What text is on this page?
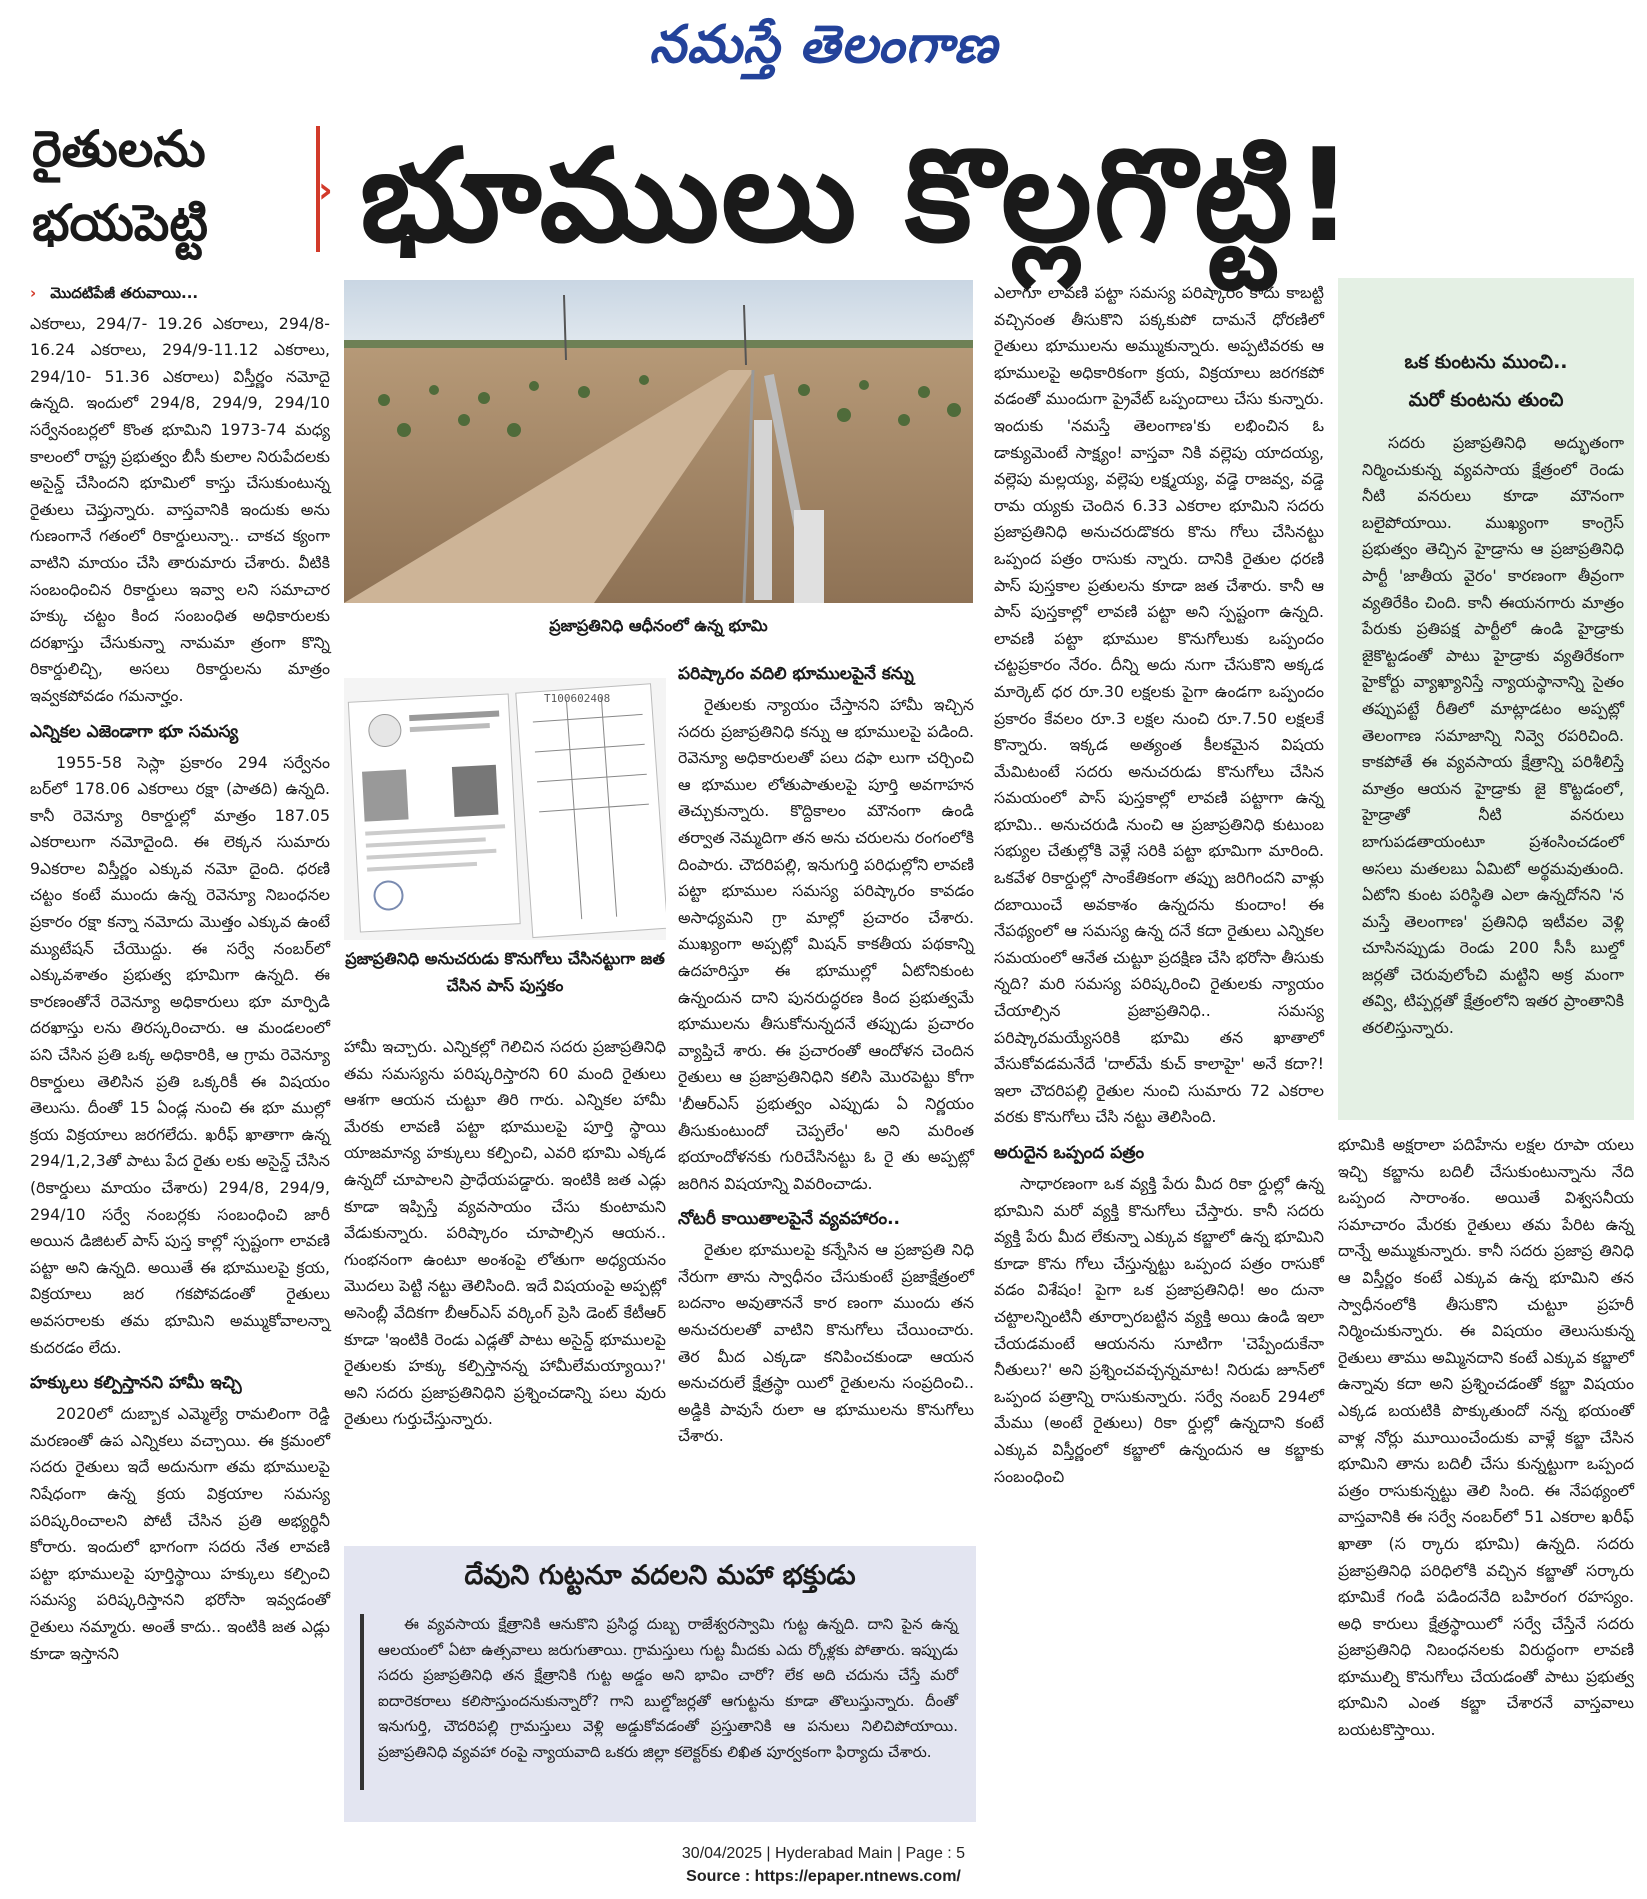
నమస్తే తెలంగాణ
రైతులను భయపెట్టి
› భూములు కొల్లగొట్టి!
› మొదటిపేజీ తరువాయి...

ఎకరాలు, 294/7- 19.26 ఎకరాలు, 294/8-16.24 ఎకరాలు, 294/9-11.12 ఎకరాలు, 294/10- 51.36 ఎకరాలు) విస్తీర్ణం నమోదై ఉన్నది. ఇందులో 294/8, 294/9, 294/10 సర్వేనంబర్లలో కొంత భూమిని 1973-74 మధ్య కాలంలో రాష్ట్ర ప్రభుత్వం బీసీ కులాల నిరుపేదలకు అసైన్డ్ చేసిందని భూమిలో కాస్తు చేసుకుంటున్న రైతులు చెప్తున్నారు. వాస్తవానికి ఇందుకు అను గుణంగానే గతంలో రికార్డులున్నా.. చాకచ క్యంగా వాటిని మాయం చేసి తారుమారు చేశారు. వీటికి సంబంధించిన రికార్డులు ఇవ్వా లని సమాచార హక్కు చట్టం కింద సంబంధిత అధికారులకు దరఖాస్తు చేసుకున్నా నామమా త్రంగా కొన్ని రికార్డులిచ్చి, అసలు రికార్డులను మాత్రం ఇవ్వకపోవడం గమనార్హం.

ఎన్నికల ఎజెండాగా భూ సమస్య

1955-58 సెస్లా ప్రకారం 294 సర్వేనం బర్‌లో 178.06 ఎకరాలు రక్షా (పాతది) ఉన్నది. కానీ రెవెన్యూ రికార్డుల్లో మాత్రం 187.05 ఎకరాలుగా నమోదైంది. ఈ లెక్కన సుమారు 9ఎకరాల విస్తీర్ణం ఎక్కువ నమో దైంది. ధరణి చట్టం కంటే ముందు ఉన్న రెవెన్యూ నిబంధనల ప్రకారం రక్షా కన్నా నమోదు మొత్తం ఎక్కువ ఉంటే మ్యుటేషన్ చేయొద్దు. ఈ సర్వే నంబర్‌లో ఎక్కువశాతం ప్రభుత్వ భూమిగా ఉన్నది. ఈ కారణంతోనే రెవెన్యూ అధికారులు భూ మార్పిడి దరఖాస్తు లను తిరస్కరించారు. ఆ మండలంలో పని చేసిన ప్రతి ఒక్క అధికారికి, ఆ గ్రామ రెవెన్యూ రికార్డులు తెలిసిన ప్రతి ఒక్కరికీ ఈ విషయం తెలుసు. దీంతో 15 ఏండ్ల నుంచి ఈ భూ ముల్లో క్రయ విక్రయాలు జరగలేదు. ఖరీఫ్ ఖాతాగా ఉన్న 294/1,2,3తో పాటు పేద రైతు లకు అసైన్డ్ చేసిన (రికార్డులు మాయం చేశారు) 294/8, 294/9, 294/10 సర్వే నంబర్లకు సంబంధించి జారీ అయిన డిజిటల్ పాస్ పుస్త కాల్లో స్పష్టంగా లావణి పట్టా అని ఉన్నది. అయితే ఈ భూములపై క్రయ, విక్రయాలు జర గకపోవడంతో రైతులు అవసరాలకు తమ భూమిని అమ్ముకోవాలన్నా కుదరడం లేదు.

హక్కులు కల్పిస్తానని హామీ ఇచ్చి

2020లో దుబ్బాక ఎమ్మెల్యే రామలింగా రెడ్డి మరణంతో ఉప ఎన్నికలు వచ్చాయి. ఈ క్రమంలో సదరు రైతులు ఇదే అదునుగా తమ భూములపై నిషేధంగా ఉన్న క్రయ విక్రయాల సమస్య పరిష్కరించాలని పోటీ చేసిన ప్రతి అభ్యర్థినీ కోరారు. ఇందులో భాగంగా సదరు నేత లావణి పట్టా భూములపై పూర్తిస్థాయి హక్కులు కల్పించి సమస్య పరిష్కరిస్తానని భరోసా ఇవ్వడంతో రైతులు నమ్మారు. అంతే కాదు.. ఇంటికి జత ఎడ్లు కూడా ఇస్తానని

ప్రజాప్రతినిధి ఆధీనంలో ఉన్న భూమి
T100602408
ప్రజాప్రతినిధి అనుచరుడు కొనుగోలు చేసినట్టుగా జత చేసిన పాస్ పుస్తకం

హామీ ఇచ్చారు. ఎన్నికల్లో గెలిచిన సదరు ప్రజాప్రతినిధి తమ సమస్యను పరిష్కరిస్తారని 60 మంది రైతులు ఆశగా ఆయన చుట్టూ తిరి గారు. ఎన్నికల హామీ మేరకు లావణి పట్టా భూములపై పూర్తి స్థాయి యాజమాన్య హక్కులు కల్పించి, ఎవరి భూమి ఎక్కడ ఉన్నదో చూపాలని ప్రాధేయపడ్డారు. ఇంటికి జత ఎడ్లు కూడా ఇప్పిస్తే వ్యవసాయం చేసు కుంటామని వేడుకున్నారు. పరిష్కారం చూపాల్సిన ఆయన.. గుంభనంగా ఉంటూ అంశంపై లోతుగా అధ్యయనం మొదలు పెట్టి నట్టు తెలిసింది. ఇదే విషయంపై అప్పట్లో అసెంబ్లీ వేదికగా బీఆర్‌ఎస్ వర్కింగ్ ప్రెసి డెంట్ కేటీఆర్ కూడా 'ఇంటికి రెండు ఎడ్లతో పాటు అసైన్డ్ భూములపై రైతులకు హక్కు కల్పిస్తానన్న హామీలేమయ్యాయి?' అని సదరు ప్రజాప్రతినిధిని ప్రశ్నించడాన్ని పలు వురు రైతులు గుర్తుచేస్తున్నారు.

పరిష్కారం వదిలి భూములపైనే కన్ను

రైతులకు న్యాయం చేస్తానని హామీ ఇచ్చిన సదరు ప్రజాప్రతినిధి కన్ను ఆ భూములపై పడింది. రెవెన్యూ అధికారులతో పలు దఫా లుగా చర్చించి ఆ భూముల లోతుపాతులపై పూర్తి అవగాహన తెచ్చుకున్నారు. కొద్దికాలం మౌనంగా ఉండి తర్వాత నెమ్మదిగా తన అను చరులను రంగంలోకి దింపారు. చౌదరిపల్లి, ఇనుగుర్తి పరిధుల్లోని లావణి పట్టా భూముల సమస్య పరిష్కారం కావడం అసాధ్యమని గ్రా మాల్లో ప్రచారం చేశారు. ముఖ్యంగా అప్పట్లో మిషన్ కాకతీయ పథకాన్ని ఉదహరిస్తూ ఈ భూముల్లో ఏటోనికుంట ఉన్నందున దాని పునరుద్ధరణ కింద ప్రభుత్వమే భూములను తీసుకోనున్నదనే తప్పుడు ప్రచారం వ్యాప్తిచే శారు. ఈ ప్రచారంతో ఆందోళన చెందిన రైతులు ఆ ప్రజాప్రతినిధిని కలిసి మొరపెట్టు కోగా 'బీఆర్‌ఎస్ ప్రభుత్వం ఎప్పుడు ఏ నిర్ణయం తీసుకుంటుందో చెప్పలేం' అని మరింత భయాందోళనకు గురిచేసినట్టు ఓ రై తు అప్పట్లో జరిగిన విషయాన్ని వివరించాడు.

నోటరీ కాయితాలపైనే వ్యవహారం..

రైతుల భూములపై కన్నేసిన ఆ ప్రజాప్రతి నిధి నేరుగా తాను స్వాధీనం చేసుకుంటే ప్రజాక్షేత్రంలో బదనాం అవుతాననే కార ణంగా ముందు తన అనుచరులతో వాటిని కొనుగోలు చేయించారు. తెర మీద ఎక్కడా కనిపించకుండా ఆయన అనుచరులే క్షేత్రస్థా యిలో రైతులను సంప్రదించి.. అడ్డికి పావుసే రులా ఆ భూములను కొనుగోలు చేశారు.

ఎలాగూ లావణి పట్టా సమస్య పరిష్కారం కాదు కాబట్టి వచ్చినంత తీసుకొని పక్కకుపో దామనే ధోరణిలో రైతులు భూములను అమ్ముకున్నారు. అప్పటివరకు ఆ భూములపై అధికారికంగా క్రయ, విక్రయాలు జరగకపో వడంతో ముందుగా ప్రైవేట్ ఒప్పందాలు చేసు కున్నారు. ఇందుకు 'నమస్తే తెలంగాణ'కు లభించిన ఓ డాక్యుమెంటే సాక్ష్యం! వాస్తవా నికి వల్లెపు యాదయ్య, వల్లెపు మల్లయ్య, వల్లెపు లక్ష్మయ్య, వడ్డె రాజవ్వ, వడ్డె రామ య్యకు చెందిన 6.33 ఎకరాల భూమిని సదరు ప్రజాప్రతినిధి అనుచరుడొకరు కొను గోలు చేసినట్టు ఒప్పంద పత్రం రాసుకు న్నారు. దానికి రైతుల ధరణి పాస్ పుస్తకాల ప్రతులను కూడా జత చేశారు. కానీ ఆ పాస్ పుస్తకాల్లో లావణి పట్టా అని స్పష్టంగా ఉన్నది. లావణి పట్టా భూముల కొనుగోలుకు ఒప్పందం చట్టప్రకారం నేరం. దీన్ని అదు నుగా చేసుకొని అక్కడ మార్కెట్ ధర రూ.30 లక్షలకు పైగా ఉండగా ఒప్పందం ప్రకారం కేవలం రూ.3 లక్షల నుంచి రూ.7.50 లక్షలకే కొన్నారు. ఇక్కడ అత్యంత కీలకమైన విషయ మేమిటంటే సదరు అనుచరుడు కొనుగోలు చేసిన సమయంలో పాస్ పుస్తకాల్లో లావణి పట్టాగా ఉన్న భూమి.. అనుచరుడి నుంచి ఆ ప్రజాప్రతినిధి కుటుంబ సభ్యుల చేతుల్లోకి వెళ్లే సరికి పట్టా భూమిగా మారింది. ఒకవేళ రికార్డుల్లో సాంకేతికంగా తప్పు జరిగిందని వాళ్లు దబాయించే అవకాశం ఉన్నదను కుందాం! ఈ నేపథ్యంలో ఆ సమస్య ఉన్న దనే కదా రైతులు ఎన్నికల సమయంలో ఆనేత చుట్టూ ప్రదక్షిణ చేసి భరోసా తీసుకు న్నది? మరి సమస్య పరిష్కరించి రైతులకు న్యాయం చేయాల్సిన ప్రజాప్రతినిధి.. సమస్య పరిష్కారమయ్యేసరికి భూమి తన ఖాతాలో వేసుకోవడమనేదే 'దాల్‌మే కుచ్ కాలాహై' అనే కదా?! ఇలా చౌదరిపల్లి రైతుల నుంచి సుమారు 72 ఎకరాల వరకు కొనుగోలు చేసి నట్టు తెలిసింది.

అరుదైన ఒప్పంద పత్రం

సాధారణంగా ఒక వ్యక్తి పేరు మీద రికా ర్డుల్లో ఉన్న భూమిని మరో వ్యక్తి కొనుగోలు చేస్తారు. కానీ సదరు వ్యక్తి పేరు మీద లేకున్నా ఎక్కువ కబ్జాలో ఉన్న భూమిని కూడా కొను గోలు చేస్తున్నట్టు ఒప్పంద పత్రం రాసుకో వడం విశేషం! పైగా ఒక ప్రజాప్రతినిధి! అం దునా చట్టాలన్నింటినీ తూర్పారబట్టిన వ్యక్తి అయి ఉండి ఇలా చేయడమంటే ఆయనను సూటిగా 'చెప్పేందుకేనా నీతులు?' అని ప్రశ్నించవచ్చన్నమాట! నిరుడు జూన్‌లో ఒప్పంద పత్రాన్ని రాసుకున్నారు. సర్వే నంబర్ 294లో మేము (అంటే రైతులు) రికా ర్డుల్లో ఉన్నదాని కంటే ఎక్కువ విస్తీర్ణంలో కబ్జాలో ఉన్నందున ఆ కబ్జాకు సంబంధించి

ఒక కుంటను ముంచి..
మరో కుంటను తుంచి

సదరు ప్రజాప్రతినిధి అద్భుతంగా నిర్మించుకున్న వ్యవసాయ క్షేత్రంలో రెండు నీటి వనరులు కూడా మౌనంగా బలైపోయాయి. ముఖ్యంగా కాంగ్రెస్ ప్రభుత్వం తెచ్చిన హైడ్రాను ఆ ప్రజాప్రతినిధి పార్టీ 'జాతీయ వైరం' కారణంగా తీవ్రంగా వ్యతిరేకిం చింది. కానీ ఈయనగారు మాత్రం పేరుకు ప్రతిపక్ష పార్టీలో ఉండి హైడ్రాకు జైకొట్టడంతో పాటు హైడ్రాకు వ్యతిరేకంగా హైకోర్టు వ్యాఖ్యానిస్తే న్యాయస్థానాన్ని సైతం తప్పుపట్టే రీతిలో మాట్లాడటం అప్పట్లో తెలంగాణ సమాజాన్ని నివ్వె రపరిచింది. కాకపోతే ఈ వ్యవసాయ క్షేత్రాన్ని పరిశీలిస్తే మాత్రం ఆయన హైడ్రాకు జై కొట్టడంలో, హైడ్రాతో నీటి వనరులు బాగుపడతాయంటూ ప్రశంసించడంలో అసలు మతలబు ఏమిటో అర్థమవుతుంది. ఏటోని కుంట పరిస్థితి ఎలా ఉన్నదోనని 'న మస్తే తెలంగాణ' ప్రతినిధి ఇటీవల వెళ్లి చూసినప్పుడు రెండు 200 సీసీ బుల్డో జర్లతో చెరువులోంచి మట్టిని అక్ర మంగా తవ్వి, టిప్పర్లతో క్షేత్రంలోని ఇతర ప్రాంతానికి తరలిస్తున్నారు.

భూమికి అక్షరాలా పదిహేను లక్షల రూపా యలు ఇచ్చి కబ్జాను బదిలీ చేసుకుంటున్నాను నేది ఒప్పంద సారాంశం. అయితే విశ్వసనీయ సమాచారం మేరకు రైతులు తమ పేరిట ఉన్న దాన్నే అమ్ముకున్నారు. కానీ సదరు ప్రజాప్ర తినిధి ఆ విస్తీర్ణం కంటే ఎక్కువ ఉన్న భూమిని తన స్వాధీనంలోకి తీసుకొని చుట్టూ ప్రహరీ నిర్మించుకున్నారు. ఈ విషయం తెలుసుకున్న రైతులు తాము అమ్మినదాని కంటే ఎక్కువ కబ్జాలో ఉన్నావు కదా అని ప్రశ్నించడంతో కబ్జా విషయం ఎక్కడ బయటికి పొక్కుతుందో నన్న భయంతో వాళ్ల నోర్లు మూయించేందుకు వాళ్లే కబ్జా చేసిన భూమిని తాను బదిలీ చేసు కున్నట్టుగా ఒప్పంద పత్రం రాసుకున్నట్టు తెలి సింది. ఈ నేపథ్యంలో వాస్తవానికి ఈ సర్వే నంబర్‌లో 51 ఎకరాల ఖరీఫ్ ఖాతా (స ర్కారు భూమి) ఉన్నది. సదరు ప్రజాప్రతినిధి పరిధిలోకి వచ్చిన కబ్జాతో సర్కారు భూమికే గండి పడిందనేది బహిరంగ రహస్యం. అధి కారులు క్షేత్రస్థాయిలో సర్వే చేస్తేనే సదరు ప్రజాప్రతినిధి నిబంధనలకు విరుద్ధంగా లావణి భూముల్ని కొనుగోలు చేయడంతో పాటు ప్రభుత్వ భూమిని ఎంత కబ్జా చేశారనే వాస్తవాలు బయటకొస్తాయి.

దేవుని గుట్టనూ వదలని మహా భక్తుడు

ఈ వ్యవసాయ క్షేత్రానికి ఆనుకొని ప్రసిద్ధ దుబ్బ రాజేశ్వరస్వామి గుట్ట ఉన్నది. దాని పైన ఉన్న ఆలయంలో ఏటా ఉత్సవాలు జరుగుతాయి. గ్రామస్తులు గుట్ట మీదకు ఎదు ర్కోళ్లకు పోతారు. ఇప్పుడు సదరు ప్రజాప్రతినిధి తన క్షేత్రానికి గుట్ట అడ్డం అని భావిం చారో? లేక అది చదును చేస్తే మరో ఐదారెకరాలు కలిసొస్తుందనుకున్నారో? గాని బుల్డోజర్లతో ఆగుట్టను కూడా తొలుస్తున్నారు. దీంతో ఇనుగుర్తి, చౌదరిపల్లి గ్రామస్తులు వెళ్లి అడ్డుకోవడంతో ప్రస్తుతానికి ఆ పనులు నిలిచిపోయాయి. ప్రజాప్రతినిధి వ్యవహా రంపై న్యాయవాది ఒకరు జిల్లా కలెక్టర్‌కు లిఖిత పూర్వకంగా ఫిర్యాదు చేశారు.

30/04/2025 | Hyderabad Main | Page : 5
Source : https://epaper.ntnews.com/
